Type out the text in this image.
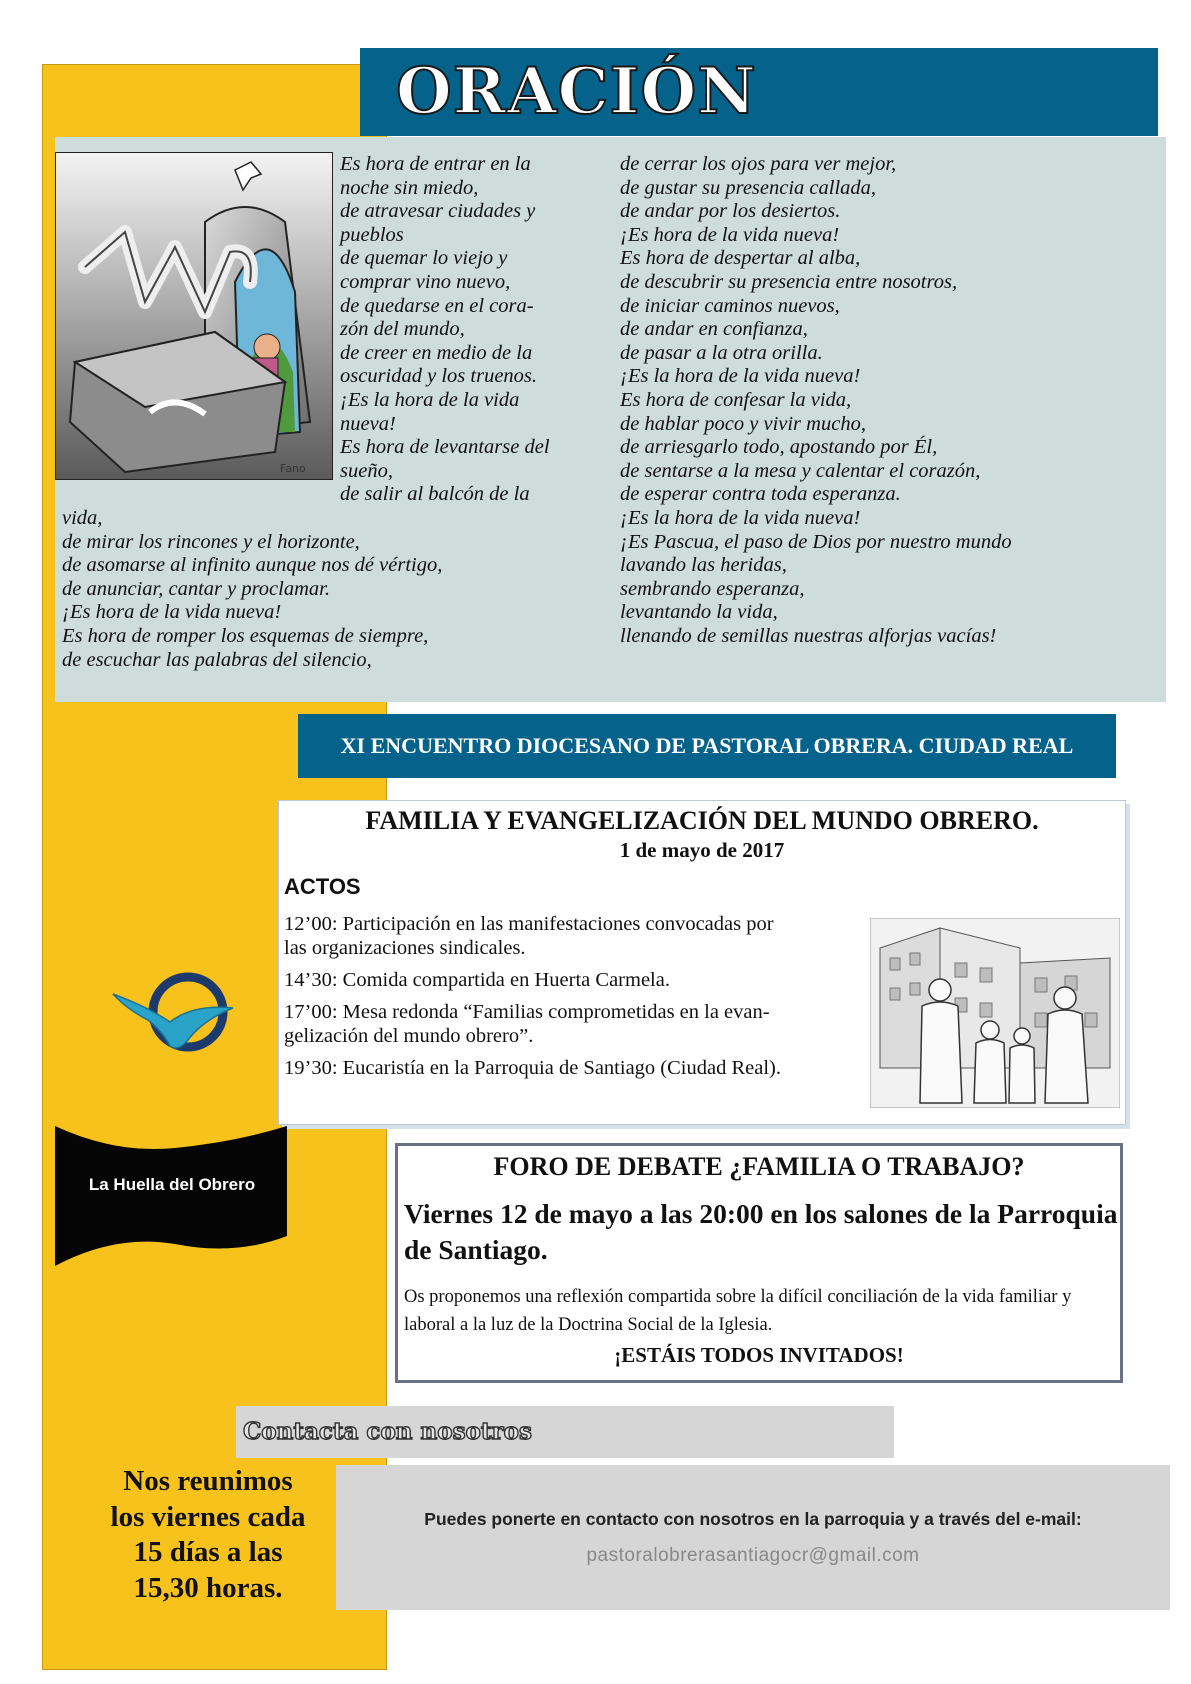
ORACIÓN
Fano
Es hora de entrar en la
noche sin miedo,
de atravesar ciudades y
pueblos
de quemar lo viejo y
comprar vino nuevo,
de quedarse en el cora-
zón del mundo,
de creer en medio de la
oscuridad y los truenos.
¡Es la hora de la vida
nueva!
Es hora de levantarse del
sueño,
de salir al balcón de la
vida,
de mirar los rincones y el horizonte,
de asomarse al infinito aunque nos dé vértigo,
de anunciar, cantar y proclamar.
¡Es hora de la vida nueva!
Es hora de romper los esquemas de siempre,
de escuchar las palabras del silencio,
de cerrar los ojos para ver mejor,
de gustar su presencia callada,
de andar por los desiertos.
¡Es hora de la vida nueva!
Es hora de despertar al alba,
de descubrir su presencia entre nosotros,
de iniciar caminos nuevos,
de andar en confianza,
de pasar a la otra orilla.
¡Es la hora de la vida nueva!
Es hora de confesar la vida,
de hablar poco y vivir mucho,
de arriesgarlo todo, apostando por Él,
de sentarse a la mesa y calentar el corazón,
de esperar contra toda esperanza.
¡Es la hora de la vida nueva!
¡Es Pascua, el paso de Dios por nuestro mundo
lavando las heridas,
sembrando esperanza,
levantando la vida,
llenando de semillas nuestras alforjas vacías!
XI ENCUENTRO DIOCESANO DE PASTORAL OBRERA. CIUDAD REAL
FAMILIA Y EVANGELIZACIÓN DEL MUNDO OBRERO.
1 de mayo de 2017
ACTOS
12’00: Participación en las manifestaciones convocadas por
las organizaciones sindicales.
14’30: Comida compartida en Huerta Carmela.
17’00: Mesa redonda “Familias comprometidas en la evan-
gelización del mundo obrero”.
19’30: Eucaristía en la Parroquia de Santiago (Ciudad Real).
La Huella del Obrero
FORO DE DEBATE ¿FAMILIA O TRABAJO?
Viernes 12 de mayo a las 20:00 en los salones de la Parroquia de Santiago.
Os proponemos una reflexión compartida sobre la difícil conciliación de la vida familiar y laboral a la luz de la Doctrina Social de la Iglesia.
¡ESTÁIS TODOS INVITADOS!
Contacta con nosotros
Nos reunimos
los viernes cada
15 días a las
15,30 horas.
Puedes ponerte en contacto con nosotros en la parroquia y a través del e-mail:
pastoralobrerasantiagocr@gmail.com
